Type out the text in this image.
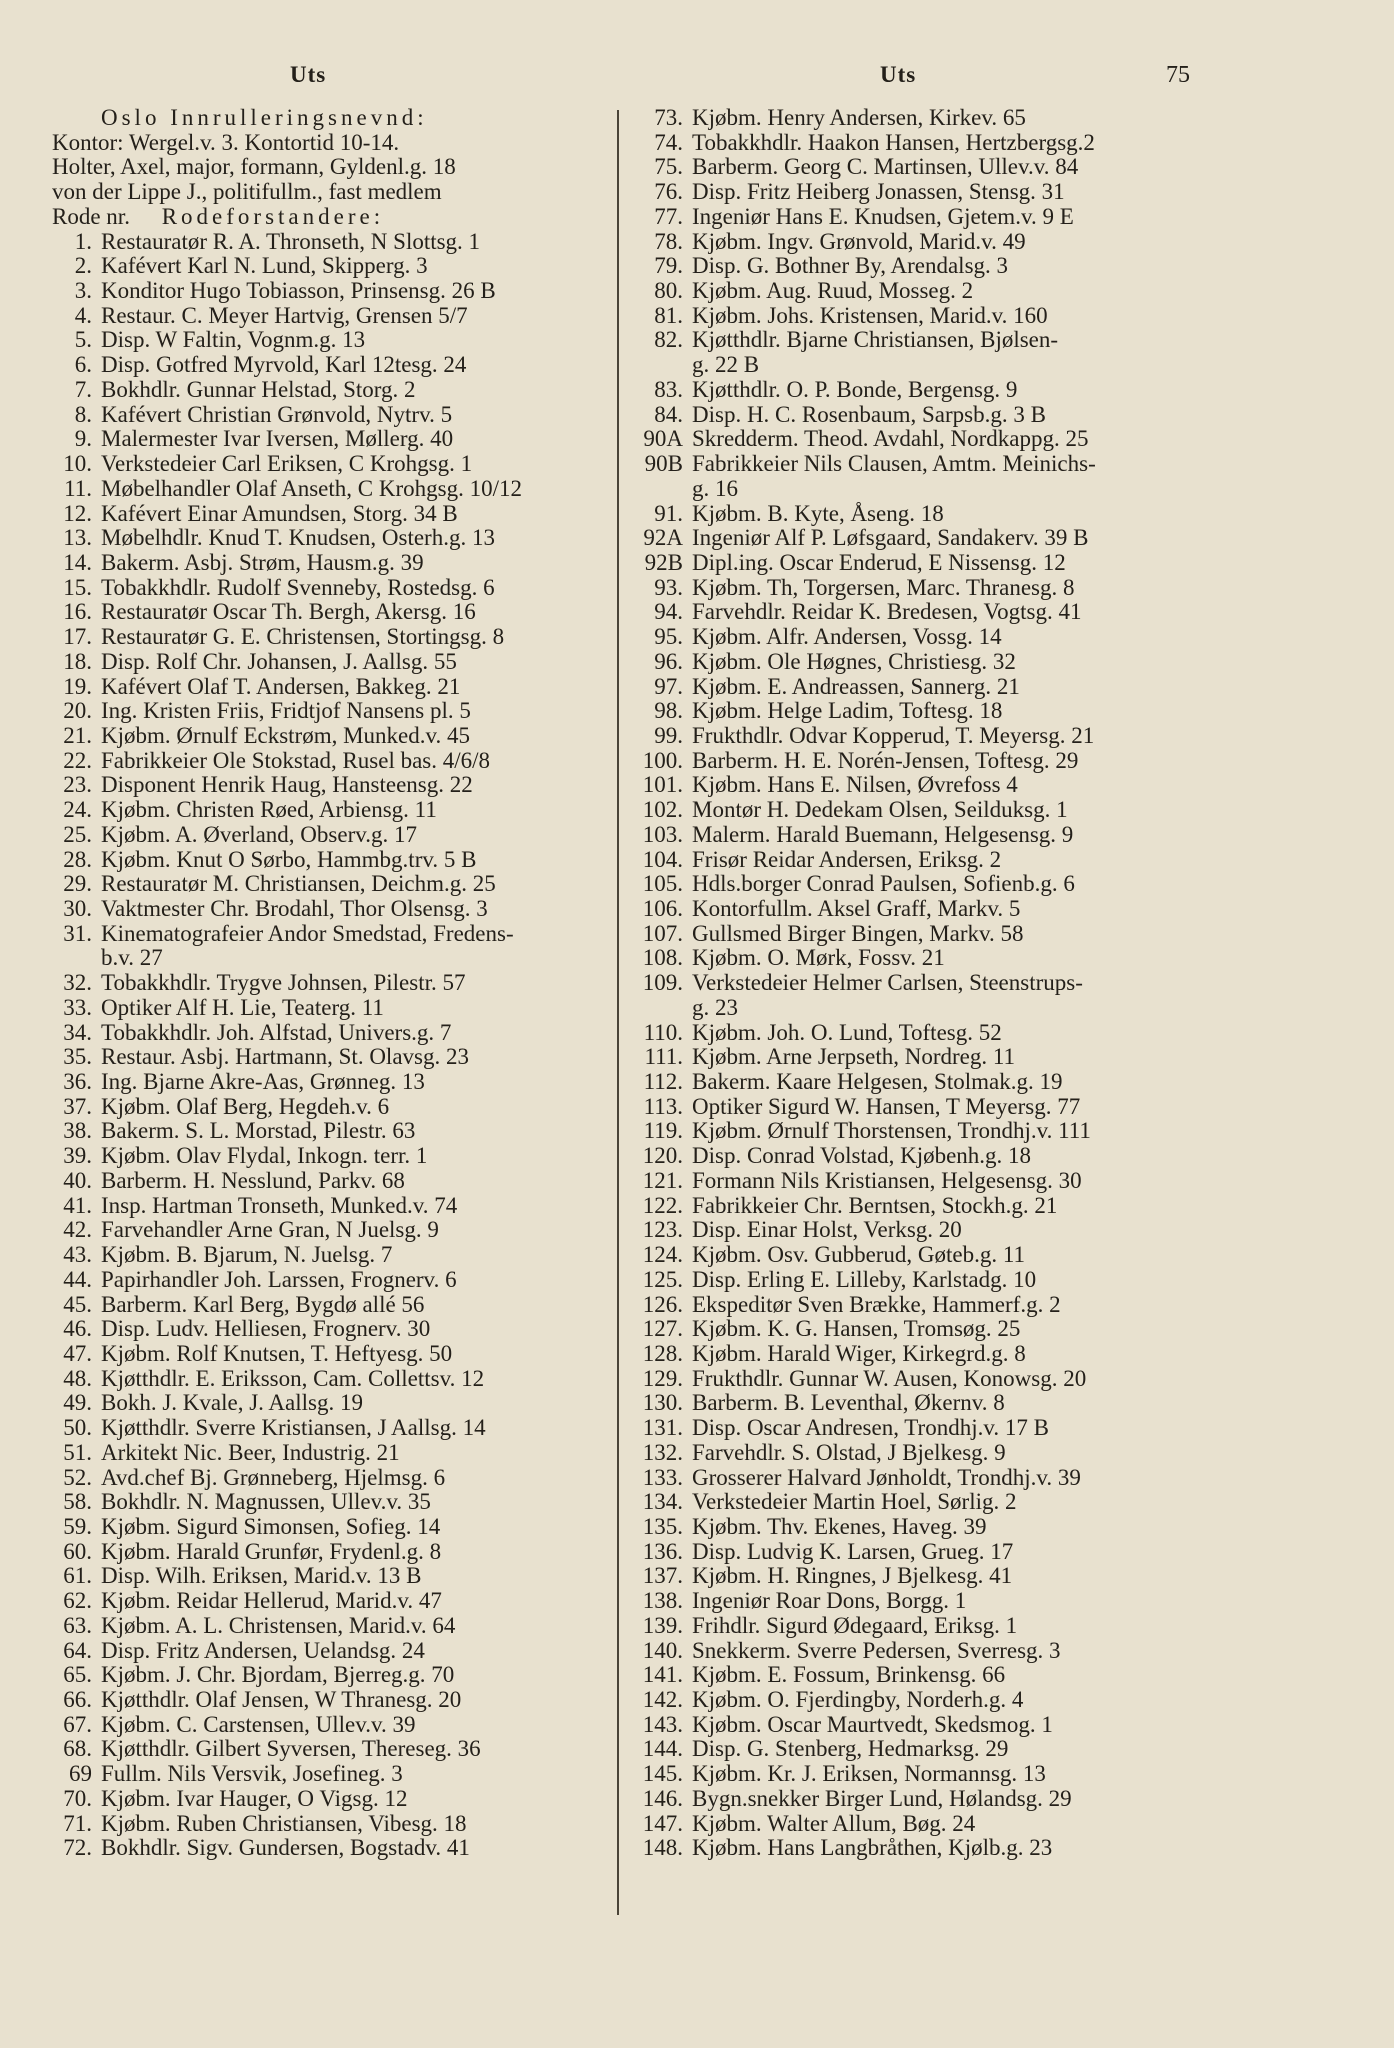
Uts	Uts	75
Oslo Innrulleringsnevnd:
Kontor: Wergel.v. 3. Kontortid 10-14.
Holter, Axel, major, formann, Gyldenl.g. 18
von der Lippe J., politifullm., fast medlem
Rode nr. Rodeforstandere:
1. Restauratør R. A. Thronseth, N Slottsg. 1
2. Kafévert Karl N. Lund, Skipperg. 3
3. Konditor Hugo Tobiasson, Prinsensg. 26 B
4. Restaur. C. Meyer Hartvig, Grensen 5/7
5. Disp. W Faltin, Vognm.g. 13
6. Disp. Gotfred Myrvold, Karl 12tesg. 24
7. Bokhdlr. Gunnar Helstad, Storg. 2
8. Kafévert Christian Grønvold, Nytrv. 5
9. Malermester Ivar Iversen, Møllerg. 40
10. Verkstedeier Carl Eriksen, C Krohgsg. 1
11. Møbelhandler Olaf Anseth, C Krohgsg. 10/12
12. Kafévert Einar Amundsen, Storg. 34 B
13. Møbelhdlr. Knud T. Knudsen, Osterh.g. 13
14. Bakerm. Asbj. Strøm, Hausm.g. 39
15. Tobakkhdlr. Rudolf Svenneby, Rostedsg. 6
16. Restauratør Oscar Th. Bergh, Akersg. 16
17. Restauratør G. E. Christensen, Stortingsg. 8
18. Disp. Rolf Chr. Johansen, J. Aallsg. 55
19. Kafévert Olaf T. Andersen, Bakkeg. 21
20. Ing. Kristen Friis, Fridtjof Nansens pl. 5
21. Kjøbm. Ørnulf Eckstrøm, Munked.v. 45
22. Fabrikkeier Ole Stokstad, Rusel bas. 4/6/8
23. Disponent Henrik Haug, Hansteensg. 22
24. Kjøbm. Christen Røed, Arbiensg. 11
25. Kjøbm. A. Øverland, Observ.g. 17
28. Kjøbm. Knut O Sørbo, Hammbg.trv. 5 B
29. Restauratør M. Christiansen, Deichm.g. 25
30. Vaktmester Chr. Brodahl, Thor Olsensg. 3
31. Kinematografeier Andor Smedstad, Fredens-
b.v. 27
32. Tobakkhdlr. Trygve Johnsen, Pilestr. 57
33. Optiker Alf H. Lie, Teaterg. 11
34. Tobakkhdlr. Joh. Alfstad, Univers.g. 7
35. Restaur. Asbj. Hartmann, St. Olavsg. 23
36. Ing. Bjarne Akre-Aas, Grønneg. 13
37. Kjøbm. Olaf Berg, Hegdeh.v. 6
38. Bakerm. S. L. Morstad, Pilestr. 63
39. Kjøbm. Olav Flydal, Inkogn. terr. 1
40. Barberm. H. Nesslund, Parkv. 68
41. Insp. Hartman Tronseth, Munked.v. 74
42. Farvehandler Arne Gran, N Juelsg. 9
43. Kjøbm. B. Bjarum, N. Juelsg. 7
44. Papirhandler Joh. Larssen, Frognerv. 6
45. Barberm. Karl Berg, Bygdø allé 56
46. Disp. Ludv. Helliesen, Frognerv. 30
47. Kjøbm. Rolf Knutsen, T. Heftyesg. 50
48. Kjøtthdlr. E. Eriksson, Cam. Collettsv. 12
49. Bokh. J. Kvale, J. Aallsg. 19
50. Kjøtthdlr. Sverre Kristiansen, J Aallsg. 14
51. Arkitekt Nic. Beer, Industrig. 21
52. Avd.chef Bj. Grønneberg, Hjelmsg. 6
58. Bokhdlr. N. Magnussen, Ullev.v. 35
59. Kjøbm. Sigurd Simonsen, Sofieg. 14
60. Kjøbm. Harald Grunfør, Frydenl.g. 8
61. Disp. Wilh. Eriksen, Marid.v. 13 B
62. Kjøbm. Reidar Hellerud, Marid.v. 47
63. Kjøbm. A. L. Christensen, Marid.v. 64
64. Disp. Fritz Andersen, Uelandsg. 24
65. Kjøbm. J. Chr. Bjordam, Bjerreg.g. 70
66. Kjøtthdlr. Olaf Jensen, W Thranesg. 20
67. Kjøbm. C. Carstensen, Ullev.v. 39
68. Kjøtthdlr. Gilbert Syversen, Thereseg. 36
69 Fullm. Nils Versvik, Josefineg. 3
70. Kjøbm. Ivar Hauger, O Vigsg. 12
71. Kjøbm. Ruben Christiansen, Vibesg. 18
72. Bokhdlr. Sigv. Gundersen, Bogstadv. 41
73. Kjøbm. Henry Andersen, Kirkev. 65
74. Tobakkhdlr. Haakon Hansen, Hertzbergsg.2
75. Barberm. Georg C. Martinsen, Ullev.v. 84
76. Disp. Fritz Heiberg Jonassen, Stensg. 31
77. Ingeniør Hans E. Knudsen, Gjetem.v. 9 E
78. Kjøbm. Ingv. Grønvold, Marid.v. 49
79. Disp. G. Bothner By, Arendalsg. 3
80. Kjøbm. Aug. Ruud, Mosseg. 2
81. Kjøbm. Johs. Kristensen, Marid.v. 160
82. Kjøtthdlr. Bjarne Christiansen, Bjølsen-
g. 22 B
83. Kjøtthdlr. O. P. Bonde, Bergensg. 9
84. Disp. H. C. Rosenbaum, Sarpsb.g. 3 B
90A Skredderm. Theod. Avdahl, Nordkappg. 25
90B Fabrikkeier Nils Clausen, Amtm. Meinichs-
g. 16
91. Kjøbm. B. Kyte, Åseng. 18
92A Ingeniør Alf P. Løfsgaard, Sandakerv. 39 B
92B Dipl.ing. Oscar Enderud, E Nissensg. 12
93. Kjøbm. Th, Torgersen, Marc. Thranesg. 8
94. Farvehdlr. Reidar K. Bredesen, Vogtsg. 41
95. Kjøbm. Alfr. Andersen, Vossg. 14
96. Kjøbm. Ole Høgnes, Christiesg. 32
97. Kjøbm. E. Andreassen, Sannerg. 21
98. Kjøbm. Helge Ladim, Toftesg. 18
99. Frukthdlr. Odvar Kopperud, T. Meyersg. 21
100. Barberm. H. E. Norén-Jensen, Toftesg. 29
101. Kjøbm. Hans E. Nilsen, Øvrefoss 4
102. Montør H. Dedekam Olsen, Seilduksg. 1
103. Malerm. Harald Buemann, Helgesensg. 9
104. Frisør Reidar Andersen, Eriksg. 2
105. Hdls.borger Conrad Paulsen, Sofienb.g. 6
106. Kontorfullm. Aksel Graff, Markv. 5
107. Gullsmed Birger Bingen, Markv. 58
108. Kjøbm. O. Mørk, Fossv. 21
109. Verkstedeier Helmer Carlsen, Steenstrups-
g. 23
110. Kjøbm. Joh. O. Lund, Toftesg. 52
111. Kjøbm. Arne Jerpseth, Nordreg. 11
112. Bakerm. Kaare Helgesen, Stolmak.g. 19
113. Optiker Sigurd W. Hansen, T Meyersg. 77
119. Kjøbm. Ørnulf Thorstensen, Trondhj.v. 111
120. Disp. Conrad Volstad, Kjøbenh.g. 18
121. Formann Nils Kristiansen, Helgesensg. 30
122. Fabrikkeier Chr. Berntsen, Stockh.g. 21
123. Disp. Einar Holst, Verksg. 20
124. Kjøbm. Osv. Gubberud, Gøteb.g. 11
125. Disp. Erling E. Lilleby, Karlstadg. 10
126. Ekspeditør Sven Brække, Hammerf.g. 2
127. Kjøbm. K. G. Hansen, Tromsøg. 25
128. Kjøbm. Harald Wiger, Kirkegrd.g. 8
129. Frukthdlr. Gunnar W. Ausen, Konowsg. 20
130. Barberm. B. Leventhal, Økernv. 8
131. Disp. Oscar Andresen, Trondhj.v. 17 B
132. Farvehdlr. S. Olstad, J Bjelkesg. 9
133. Grosserer Halvard Jønholdt, Trondhj.v. 39
134. Verkstedeier Martin Hoel, Sørlig. 2
135. Kjøbm. Thv. Ekenes, Haveg. 39
136. Disp. Ludvig K. Larsen, Grueg. 17
137. Kjøbm. H. Ringnes, J Bjelkesg. 41
138. Ingeniør Roar Dons, Borgg. 1
139. Frihdlr. Sigurd Ødegaard, Eriksg. 1
140. Snekkerm. Sverre Pedersen, Sverresg. 3
141. Kjøbm. E. Fossum, Brinkensg. 66
142. Kjøbm. O. Fjerdingby, Norderh.g. 4
143. Kjøbm. Oscar Maurtvedt, Skedsmog. 1
144. Disp. G. Stenberg, Hedmarksg. 29
145. Kjøbm. Kr. J. Eriksen, Normannsg. 13
146. Bygn.snekker Birger Lund, Hølandsg. 29
147. Kjøbm. Walter Allum, Bøg. 24
148. Kjøbm. Hans Langbråthen, Kjølb.g. 23
